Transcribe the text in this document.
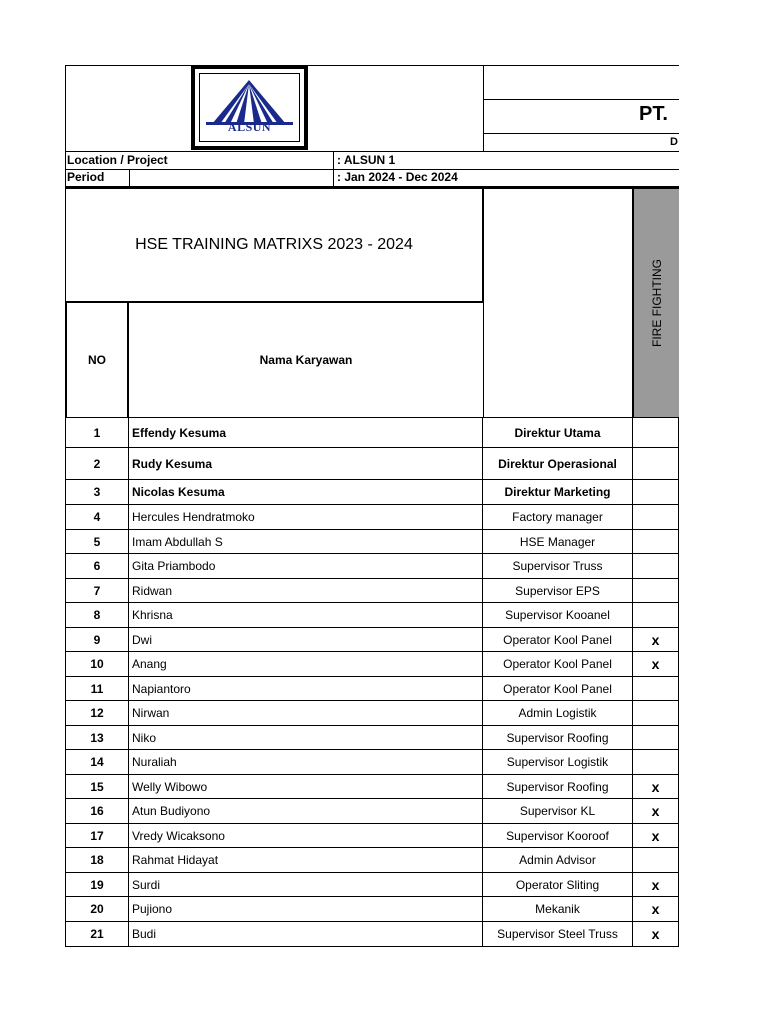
ALSUN
PT.
D
Location / Project	: ALSUN 1
Period	: Jan 2024 - Dec 2024
HSE TRAINING MATRIXS 2023 - 2024
FIRE FIGHTING
NO	Nama Karyawan
1	Effendy Kesuma	Direktur Utama
2	Rudy Kesuma	Direktur Operasional
3	Nicolas Kesuma	Direktur Marketing
4	Hercules Hendratmoko	Factory manager
5	Imam Abdullah S	HSE Manager
6	Gita Priambodo	Supervisor Truss
7	Ridwan	Supervisor EPS
8	Khrisna	Supervisor Kooanel
9	Dwi	Operator Kool Panel	x
10	Anang	Operator Kool Panel	x
11	Napiantoro	Operator Kool Panel
12	Nirwan	Admin Logistik
13	Niko	Supervisor Roofing
14	Nuraliah	Supervisor Logistik
15	Welly Wibowo	Supervisor Roofing	x
16	Atun Budiyono	Supervisor KL	x
17	Vredy Wicaksono	Supervisor Kooroof	x
18	Rahmat Hidayat	Admin Advisor
19	Surdi	Operator Sliting	x
20	Pujiono	Mekanik	x
21	Budi	Supervisor Steel Truss	x
